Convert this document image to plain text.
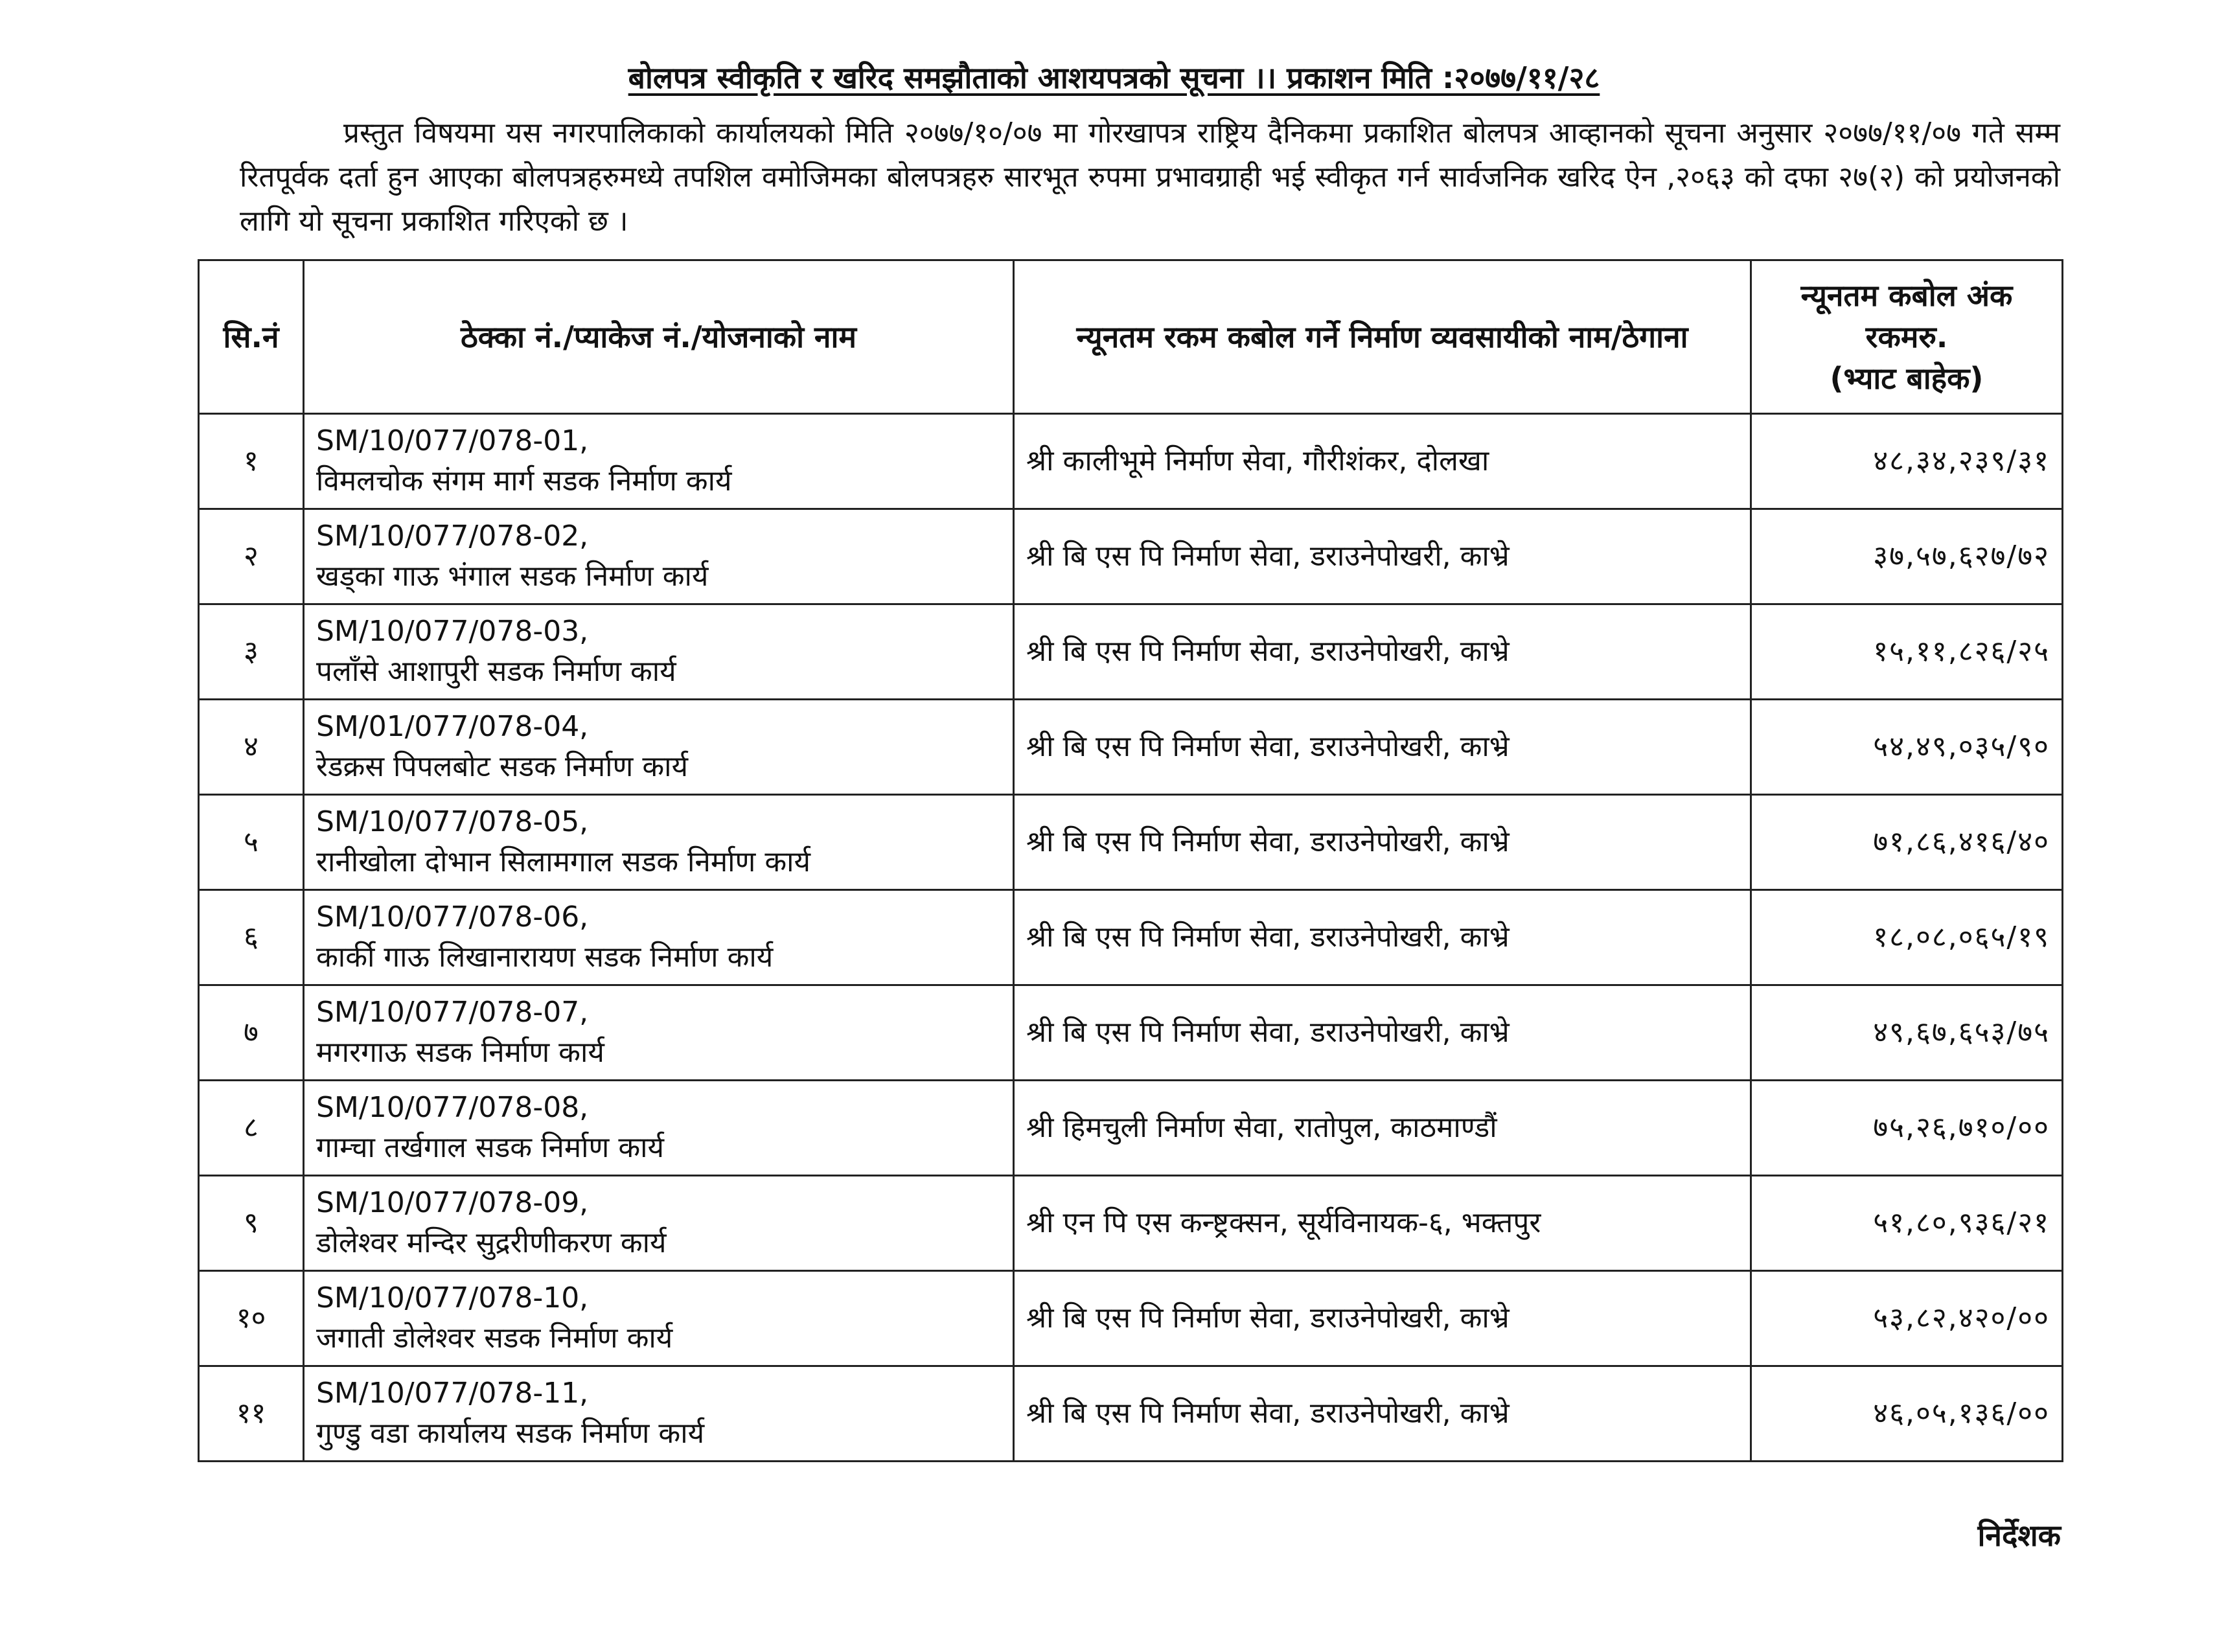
बोलपत्र स्वीकृति र खरिद समझौताको आशयपत्रको सूचना ।। प्रकाशन मिति :२०७७/११/२८

प्रस्तुत विषयमा यस नगरपालिकाको कार्यालयको मिति २०७७/१०/०७ मा गोरखापत्र राष्ट्रिय दैनिकमा प्रकाशित बोलपत्र आव्हानको सूचना अनुसार २०७७/११/०७ गते सम्म रितपूर्वक दर्ता हुन आएका बोलपत्रहरुमध्ये तपशिल वमोजिमका बोलपत्रहरु सारभूत रुपमा प्रभावग्राही भई स्वीकृत गर्न सार्वजनिक खरिद ऐन ,२०६३ को दफा २७(२) को प्रयोजनको लागि यो सूचना प्रकाशित गरिएको छ ।

सि.नं	ठेक्का नं./प्याकेज नं./योजनाको नाम	न्यूनतम रकम कबोल गर्ने निर्माण व्यवसायीको नाम/ठेगाना	न्यूनतम कबोल अंक रकमरु.
(भ्याट बाहेक)

१	SM/10/077/078-01,
विमलचोक संगम मार्ग सडक निर्माण कार्य	श्री कालीभूमे निर्माण सेवा, गौरीशंकर, दोलखा	४८,३४,२३९/३१
२	SM/10/077/078-02,
खड्का गाऊ भंगाल सडक निर्माण कार्य	श्री बि एस पि निर्माण सेवा, डराउनेपोखरी, काभ्रे	३७,५७,६२७/७२
३	SM/10/077/078-03,
पलाँसे आशापुरी सडक निर्माण कार्य	श्री बि एस पि निर्माण सेवा, डराउनेपोखरी, काभ्रे	१५,११,८२६/२५
४	SM/01/077/078-04,
रेडक्रस पिपलबोट सडक निर्माण कार्य	श्री बि एस पि निर्माण सेवा, डराउनेपोखरी, काभ्रे	५४,४९,०३५/९०
५	SM/10/077/078-05,
रानीखोला दोभान सिलामगाल सडक निर्माण कार्य	श्री बि एस पि निर्माण सेवा, डराउनेपोखरी, काभ्रे	७१,८६,४१६/४०
६	SM/10/077/078-06,
कार्की गाऊ लिखानारायण सडक निर्माण कार्य	श्री बि एस पि निर्माण सेवा, डराउनेपोखरी, काभ्रे	१८,०८,०६५/१९
७	SM/10/077/078-07,
मगरगाऊ सडक निर्माण कार्य	श्री बि एस पि निर्माण सेवा, डराउनेपोखरी, काभ्रे	४९,६७,६५३/७५
८	SM/10/077/078-08,
गाम्चा तर्खगाल सडक निर्माण कार्य	श्री हिमचुली निर्माण सेवा, रातोपुल, काठमाण्डौं	७५,२६,७१०/००
९	SM/10/077/078-09,
डोलेश्वर मन्दिर सुद्ररीणीकरण कार्य	श्री एन पि एस कन्ष्ट्रक्सन, सूर्यविनायक-६, भक्तपुर	५१,८०,९३६/२१
१०	SM/10/077/078-10,
जगाती डोलेश्वर सडक निर्माण कार्य	श्री बि एस पि निर्माण सेवा, डराउनेपोखरी, काभ्रे	५३,८२,४२०/००
११	SM/10/077/078-11,
गुण्डु वडा कार्यालय सडक निर्माण कार्य	श्री बि एस पि निर्माण सेवा, डराउनेपोखरी, काभ्रे	४६,०५,१३६/००

निर्देशक
